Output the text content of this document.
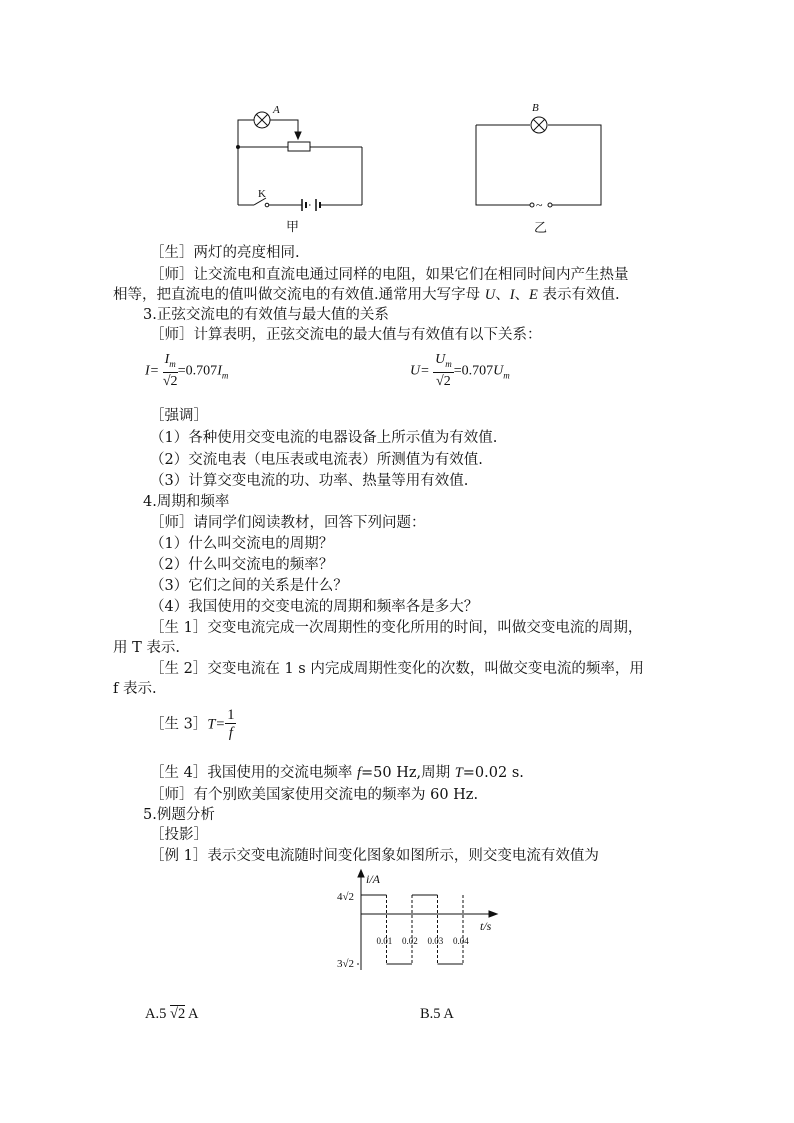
A
K
甲
B
~
乙
［生］两灯的亮度相同.
［师］让交流电和直流电通过同样的电阻，如果它们在相同时间内产生热量
相等，把直流电的值叫做交流电的有效值.通常用大写字母 U、I、E 表示有效值.
3.正弦交流电的有效值与最大值的关系
［师］计算表明，正弦交流电的最大值与有效值有以下关系：
$I= \frac{I_m}{√2} =0.707I_m$	$U= \frac{U_m}{√2} =0.707U_m$
［强调］
（1）各种使用交变电流的电器设备上所示值为有效值.
（2）交流电表（电压表或电流表）所测值为有效值.
（3）计算交变电流的功、功率、热量等用有效值.
4.周期和频率
［师］请同学们阅读教材，回答下列问题：
（1）什么叫交流电的周期？
（2）什么叫交流电的频率？
（3）它们之间的关系是什么？
（4）我国使用的交变电流的周期和频率各是多大？
［生 1］交变电流完成一次周期性的变化所用的时间，叫做交变电流的周期，
用 T 表示.
［生 2］交变电流在 1 s 内完成周期性变化的次数，叫做交变电流的频率，用
f 表示.
［生 3］T= $\frac{1}{f}$
［生 4］我国使用的交流电频率 f=50 Hz,周期 T=0.02 s.
［师］有个别欧美国家使用交流电的频率为 60 Hz.
5.例题分析
［投影］
［例 1］表示交变电流随时间变化图象如图所示，则交变电流有效值为
0.01 0.02 0.03 0.04
i/A
t/s
4√2
3√2
A.5 √2 A	B.5 A
